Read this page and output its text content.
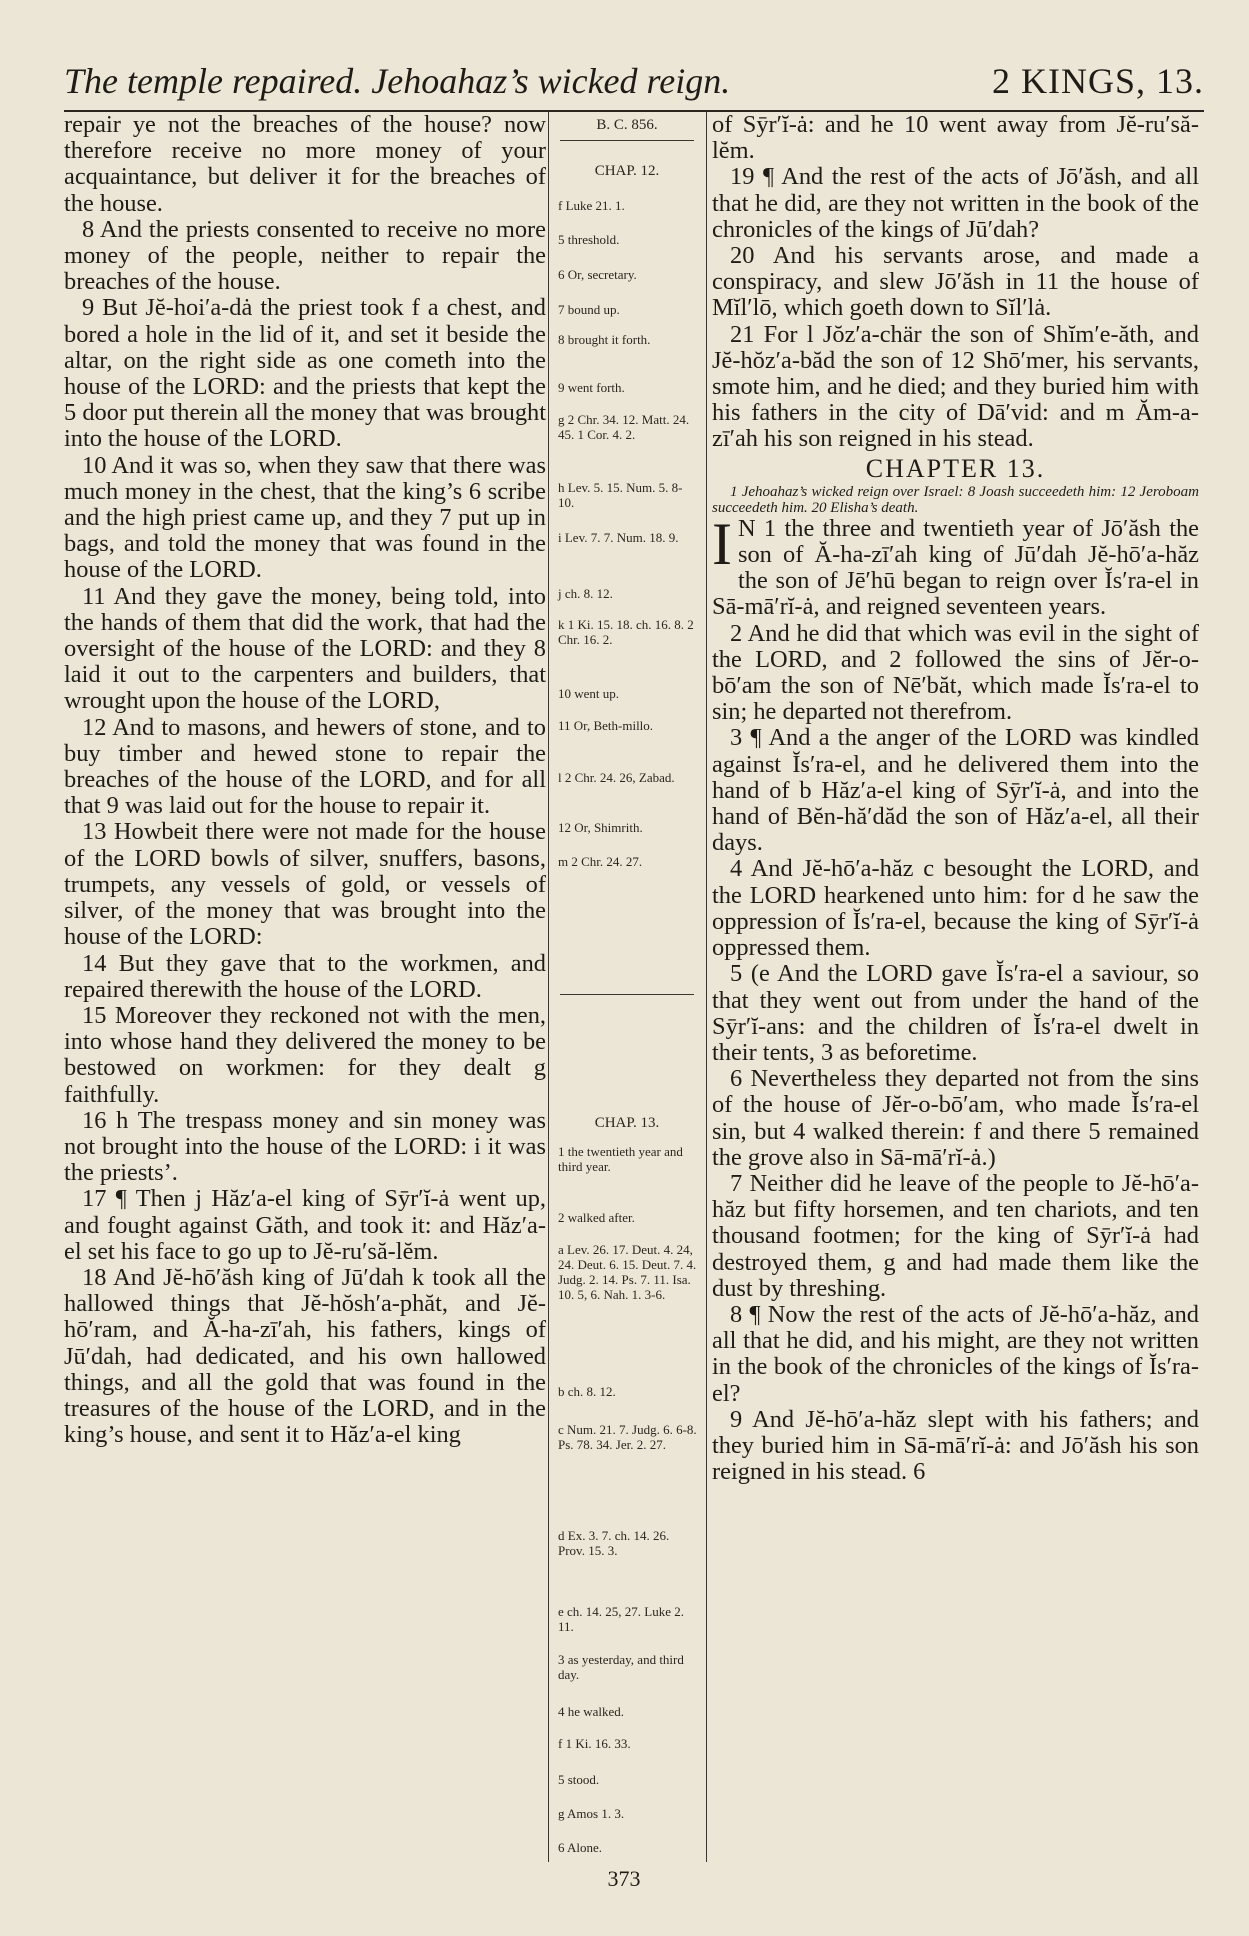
The temple repaired. Jehoahaz’s wicked reign.	2 KINGS, 13.

repair ye not the breaches of the house? now therefore receive no more money of your acquaintance, but deliver it for the breaches of the house.

8 And the priests consented to receive no more money of the people, neither to repair the breaches of the house.

9 But Jĕ-hoi′a-dȧ the priest took f a chest, and bored a hole in the lid of it, and set it beside the altar, on the right side as one cometh into the house of the LORD: and the priests that kept the 5 door put therein all the money that was brought into the house of the LORD.

10 And it was so, when they saw that there was much money in the chest, that the king’s 6 scribe and the high priest came up, and they 7 put up in bags, and told the money that was found in the house of the LORD.

11 And they gave the money, being told, into the hands of them that did the work, that had the oversight of the house of the LORD: and they 8 laid it out to the carpenters and builders, that wrought upon the house of the LORD,

12 And to masons, and hewers of stone, and to buy timber and hewed stone to repair the breaches of the house of the LORD, and for all that 9 was laid out for the house to repair it.

13 Howbeit there were not made for the house of the LORD bowls of silver, snuffers, basons, trumpets, any vessels of gold, or vessels of silver, of the money that was brought into the house of the LORD:

14 But they gave that to the workmen, and repaired therewith the house of the LORD.

15 Moreover they reckoned not with the men, into whose hand they delivered the money to be bestowed on workmen: for they dealt g faithfully.

16 h The trespass money and sin money was not brought into the house of the LORD: i it was the priests’.

17 ¶ Then j Hăz′a-el king of Sȳr′ĭ-ȧ went up, and fought against Găth, and took it: and Hăz′a-el set his face to go up to Jĕ-ru′să-lĕm.

18 And Jĕ-hō′ăsh king of Jū′dah k took all the hallowed things that Jĕ-hŏsh′a-phăt, and Jĕ-hō′ram, and Ă-ha-zī′ah, his fathers, kings of Jū′dah, had dedicated, and his own hallowed things, and all the gold that was found in the treasures of the house of the LORD, and in the king’s house, and sent it to Hăz′a-el king

B. C. 856.
CHAP. 12.
f Luke 21. 1.
5 threshold.
6 Or, secretary.
7 bound up.
8 brought it forth.
9 went forth.
g 2 Chr. 34. 12. Matt. 24. 45. 1 Cor. 4. 2.
h Lev. 5. 15. Num. 5. 8-10.
i Lev. 7. 7. Num. 18. 9.
j ch. 8. 12.
k 1 Ki. 15. 18. ch. 16. 8. 2 Chr. 16. 2.
10 went up.
11 Or, Beth-millo.
l 2 Chr. 24. 26, Zabad.
12 Or, Shimrith.
m 2 Chr. 24. 27.
CHAP. 13.
1 the twentieth year and third year.
2 walked after.
a Lev. 26. 17. Deut. 4. 24, 24. Deut. 6. 15. Deut. 7. 4. Judg. 2. 14. Ps. 7. 11. Isa. 10. 5, 6. Nah. 1. 3-6.
b ch. 8. 12.
c Num. 21. 7. Judg. 6. 6-8. Ps. 78. 34. Jer. 2. 27.
d Ex. 3. 7. ch. 14. 26. Prov. 15. 3.
e ch. 14. 25, 27. Luke 2. 11.
3 as yesterday, and third day.
4 he walked.
f 1 Ki. 16. 33.
5 stood.
g Amos 1. 3.
6 Alone.

of Sȳr′ĭ-ȧ: and he 10 went away from Jĕ-ru′să-lĕm.

19 ¶ And the rest of the acts of Jō′ăsh, and all that he did, are they not written in the book of the chronicles of the kings of Jū′dah?

20 And his servants arose, and made a conspiracy, and slew Jō′ăsh in 11 the house of Mĭl′lō, which goeth down to Sĭl′lȧ.

21 For l Jŏz′a-chär the son of Shĭm′e-ăth, and Jĕ-hŏz′a-băd the son of 12 Shō′mer, his servants, smote him, and he died; and they buried him with his fathers in the city of Dā′vid: and m Ăm-a-zī′ah his son reigned in his stead.

CHAPTER 13.

1 Jehoahaz’s wicked reign over Israel: 8 Joash succeedeth him: 12 Jeroboam succeedeth him. 20 Elisha’s death.

I N 1 the three and twentieth year of Jō′ăsh the son of Ă-ha-zī′ah king of Jū′dah Jĕ-hō′a-hăz the son of Jē′hū began to reign over Ĭs′ra-el in Sā-mā′rĭ-ȧ, and reigned seventeen years.

2 And he did that which was evil in the sight of the LORD, and 2 followed the sins of Jĕr-o-bō′am the son of Nē′băt, which made Ĭs′ra-el to sin; he departed not therefrom.

3 ¶ And a the anger of the LORD was kindled against Ĭs′ra-el, and he delivered them into the hand of b Hăz′a-el king of Sȳr′ĭ-ȧ, and into the hand of Bĕn-hă′dăd the son of Hăz′a-el, all their days.

4 And Jĕ-hō′a-hăz c besought the LORD, and the LORD hearkened unto him: for d he saw the oppression of Ĭs′ra-el, because the king of Sȳr′ĭ-ȧ oppressed them.

5 (e And the LORD gave Ĭs′ra-el a saviour, so that they went out from under the hand of the Sȳr′ĭ-ans: and the children of Ĭs′ra-el dwelt in their tents, 3 as beforetime.

6 Nevertheless they departed not from the sins of the house of Jĕr-o-bō′am, who made Ĭs′ra-el sin, but 4 walked therein: f and there 5 remained the grove also in Sā-mā′rĭ-ȧ.)

7 Neither did he leave of the people to Jĕ-hō′a-hăz but fifty horsemen, and ten chariots, and ten thousand footmen; for the king of Sȳr′ĭ-ȧ had destroyed them, g and had made them like the dust by threshing.

8 ¶ Now the rest of the acts of Jĕ-hō′a-hăz, and all that he did, and his might, are they not written in the book of the chronicles of the kings of Ĭs′ra-el?

9 And Jĕ-hō′a-hăz slept with his fathers; and they buried him in Sā-mā′rĭ-ȧ: and Jō′ăsh his son reigned in his stead. 6

373
